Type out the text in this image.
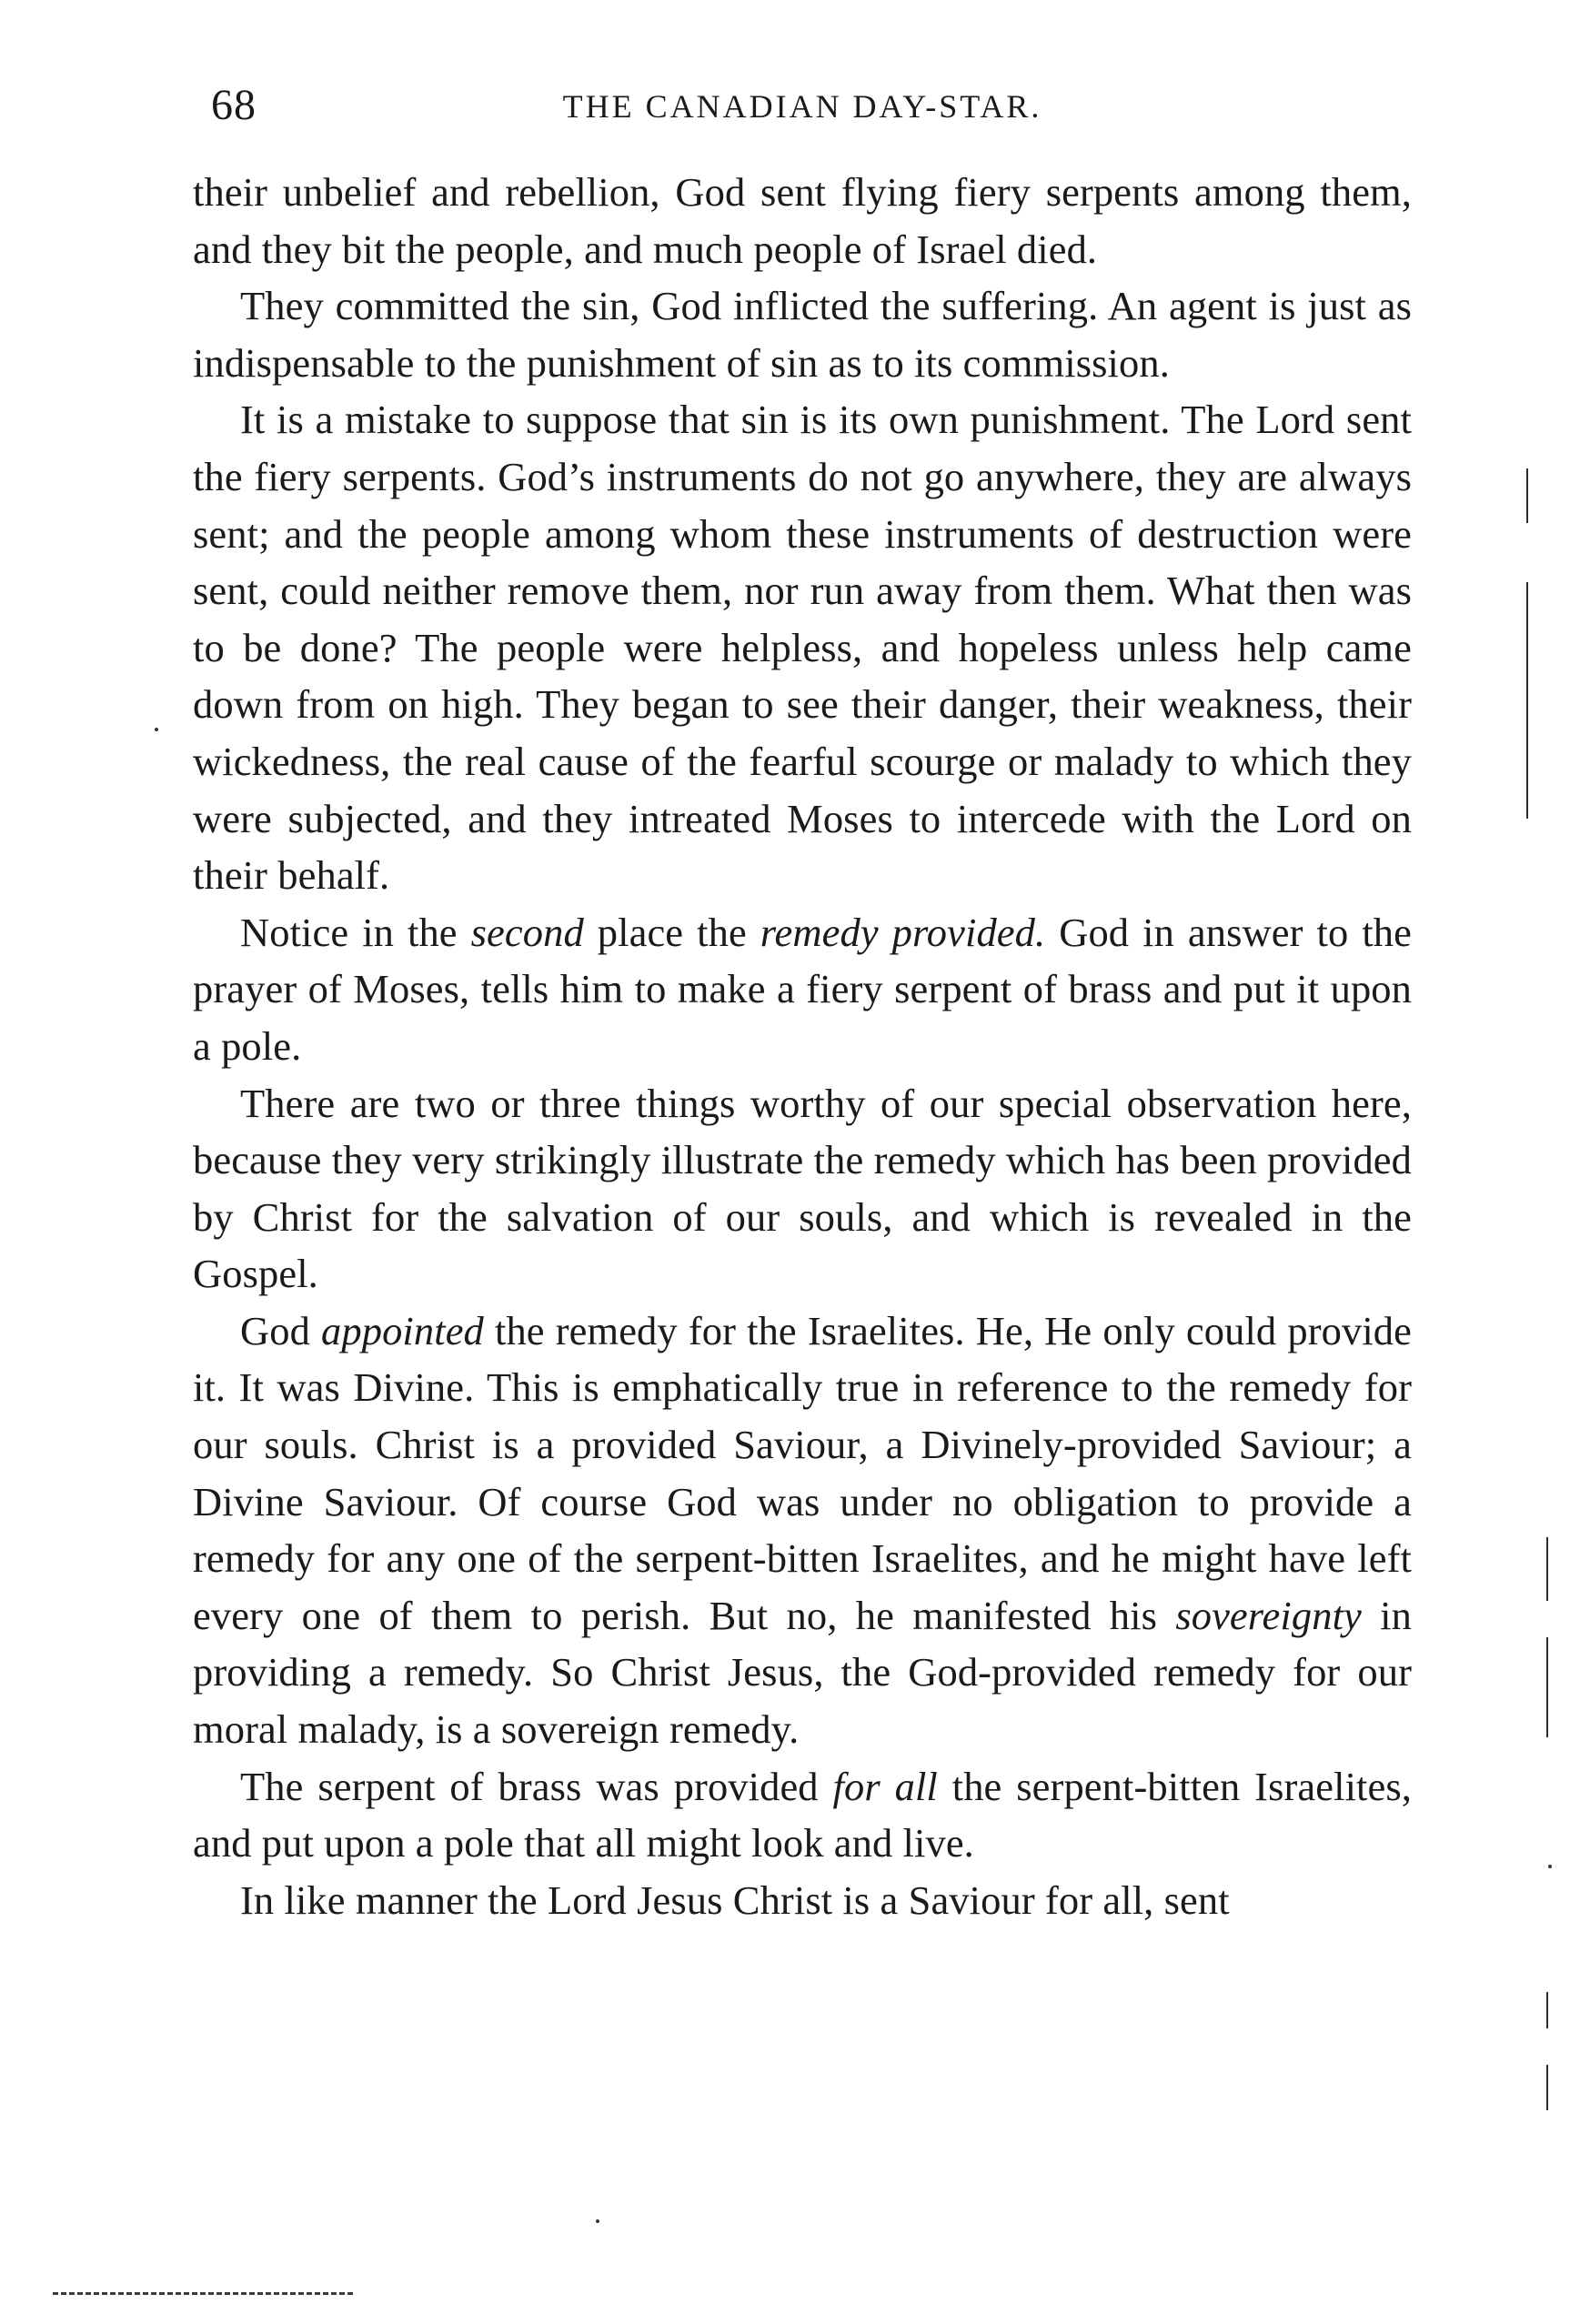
68	THE CANADIAN DAY-STAR.

their unbelief and rebellion, God sent flying fiery serpents among them, and they bit the people, and much people of Israel died.

They committed the sin, God inflicted the suffering. An agent is just as indispensable to the punishment of sin as to its commission.

It is a mistake to suppose that sin is its own punishment. The Lord sent the fiery serpents. God’s instruments do not go anywhere, they are always sent; and the people among whom these instruments of destruction were sent, could neither remove them, nor run away from them. What then was to be done? The people were helpless, and hopeless unless help came down from on high. They began to see their danger, their weakness, their wickedness, the real cause of the fearful scourge or malady to which they were subjected, and they intreated Moses to intercede with the Lord on their behalf.

Notice in the second place the remedy provided. God in answer to the prayer of Moses, tells him to make a fiery serpent of brass and put it upon a pole.

There are two or three things worthy of our special observation here, because they very strikingly illustrate the remedy which has been provided by Christ for the salvation of our souls, and which is revealed in the Gospel.

God appointed the remedy for the Israelites. He, He only could provide it. It was Divine. This is emphatically true in reference to the remedy for our souls. Christ is a provided Saviour, a Divinely-provided Saviour; a Divine Saviour. Of course God was under no obligation to provide a remedy for any one of the serpent-bitten Israelites, and he might have left every one of them to perish. But no, he manifested his sovereignty in providing a remedy. So Christ Jesus, the God-provided remedy for our moral malady, is a sovereign remedy.

The serpent of brass was provided for all the serpent-bitten Israelites, and put upon a pole that all might look and live.

In like manner the Lord Jesus Christ is a Saviour for all, sent
